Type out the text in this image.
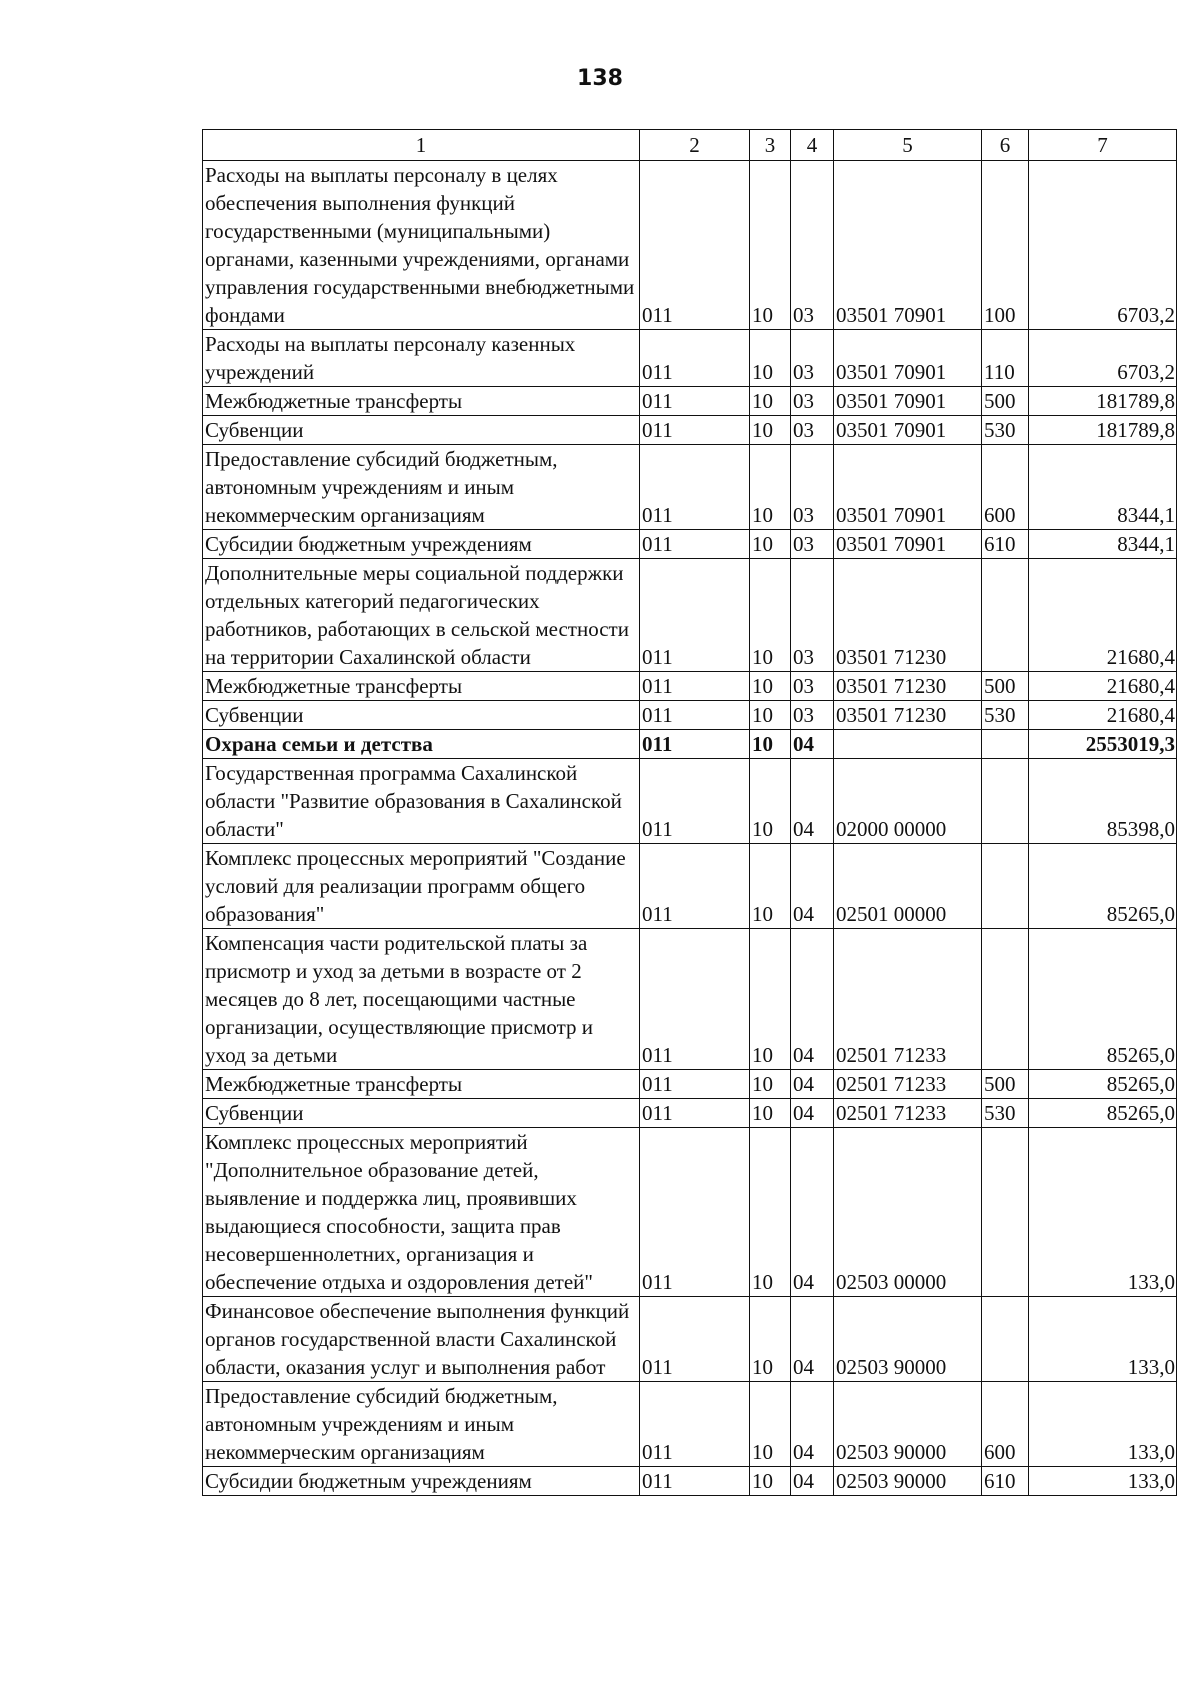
138
1	2	3	4	5	6	7
Расходы на выплаты персоналу в целях обеспечения выполнения функций государственными (муниципальными) органами, казенными учреждениями, органами управления государственными внебюджетными фондами	011	10	03	03501 70901	100	6703,2
Расходы на выплаты персоналу казенных учреждений	011	10	03	03501 70901	110	6703,2
Межбюджетные трансферты	011	10	03	03501 70901	500	181789,8
Субвенции	011	10	03	03501 70901	530	181789,8
Предоставление субсидий бюджетным, автономным учреждениям и иным некоммерческим организациям	011	10	03	03501 70901	600	8344,1
Субсидии бюджетным учреждениям	011	10	03	03501 70901	610	8344,1
Дополнительные меры социальной поддержки отдельных категорий педагогических работников, работающих в сельской местности на территории Сахалинской области	011	10	03	03501 71230		21680,4
Межбюджетные трансферты	011	10	03	03501 71230	500	21680,4
Субвенции	011	10	03	03501 71230	530	21680,4
Охрана семьи и детства	011	10	04			2553019,3
Государственная программа Сахалинской области "Развитие образования в Сахалинской области"	011	10	04	02000 00000		85398,0
Комплекс процессных мероприятий "Создание условий для реализации программ общего образования"	011	10	04	02501 00000		85265,0
Компенсация части родительской платы за присмотр и уход за детьми в возрасте от 2 месяцев до 8 лет, посещающими частные организации, осуществляющие присмотр и уход за детьми	011	10	04	02501 71233		85265,0
Межбюджетные трансферты	011	10	04	02501 71233	500	85265,0
Субвенции	011	10	04	02501 71233	530	85265,0
Комплекс процессных мероприятий "Дополнительное образование детей, выявление и поддержка лиц, проявивших выдающиеся способности, защита прав несовершеннолетних, организация и обеспечение отдыха и оздоровления детей"	011	10	04	02503 00000		133,0
Финансовое обеспечение выполнения функций органов государственной власти Сахалинской области, оказания услуг и выполнения работ	011	10	04	02503 90000		133,0
Предоставление субсидий бюджетным, автономным учреждениям и иным некоммерческим организациям	011	10	04	02503 90000	600	133,0
Субсидии бюджетным учреждениям	011	10	04	02503 90000	610	133,0
